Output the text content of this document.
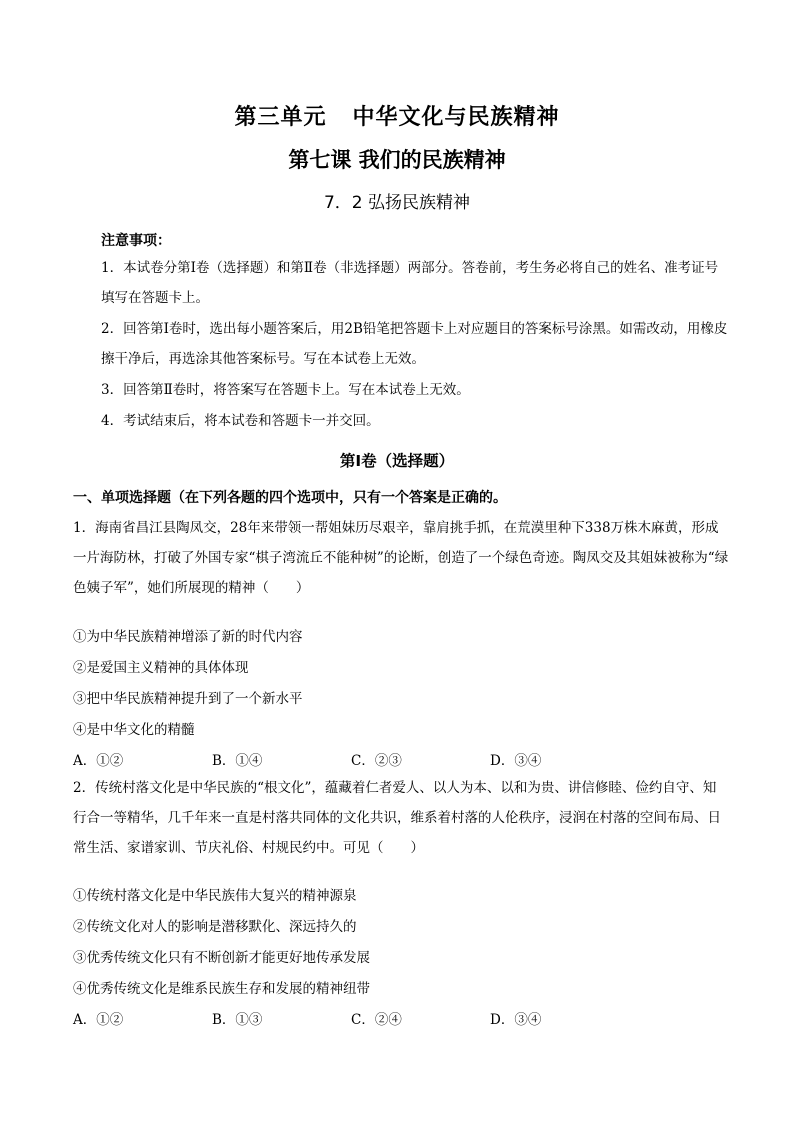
第三单元 中华文化与民族精神
第七课 我们的民族精神
7．2 弘扬民族精神
注意事项：
1．本试卷分第Ⅰ卷（选择题）和第Ⅱ卷（非选择题）两部分。答卷前，考生务必将自己的姓名、准考证号填写在答题卡上。
2．回答第Ⅰ卷时，选出每小题答案后，用2B铅笔把答题卡上对应题目的答案标号涂黑。如需改动，用橡皮擦干净后，再选涂其他答案标号。写在本试卷上无效。
3．回答第Ⅱ卷时，将答案写在答题卡上。写在本试卷上无效。
4．考试结束后，将本试卷和答题卡一并交回。
第Ⅰ卷（选择题）
一、单项选择题（在下列各题的四个选项中，只有一个答案是正确的。
1．海南省昌江县陶凤交，28年来带领一帮姐妹历尽艰辛，靠肩挑手抓，在荒漠里种下338万株木麻黄，形成一片海防林，打破了外国专家“棋子湾流丘不能种树”的论断，创造了一个绿色奇迹。陶凤交及其姐妹被称为“绿色姨子军”，她们所展现的精神（　　）
①为中华民族精神增添了新的时代内容
②是爱国主义精神的具体体现
③把中华民族精神提升到了一个新水平
④是中华文化的精髓
A．①②	B．①④	C．②③	D．③④
2．传统村落文化是中华民族的“根文化”，蕴藏着仁者爱人、以人为本、以和为贵、讲信修睦、俭约自守、知行合一等精华，几千年来一直是村落共同体的文化共识，维系着村落的人伦秩序，浸润在村落的空间布局、日常生活、家谱家训、节庆礼俗、村规民约中。可见（　　）
①传统村落文化是中华民族伟大复兴的精神源泉
②传统文化对人的影响是潜移默化、深远持久的
③优秀传统文化只有不断创新才能更好地传承发展
④优秀传统文化是维系民族生存和发展的精神纽带
A．①②	B．①③	C．②④	D．③④
